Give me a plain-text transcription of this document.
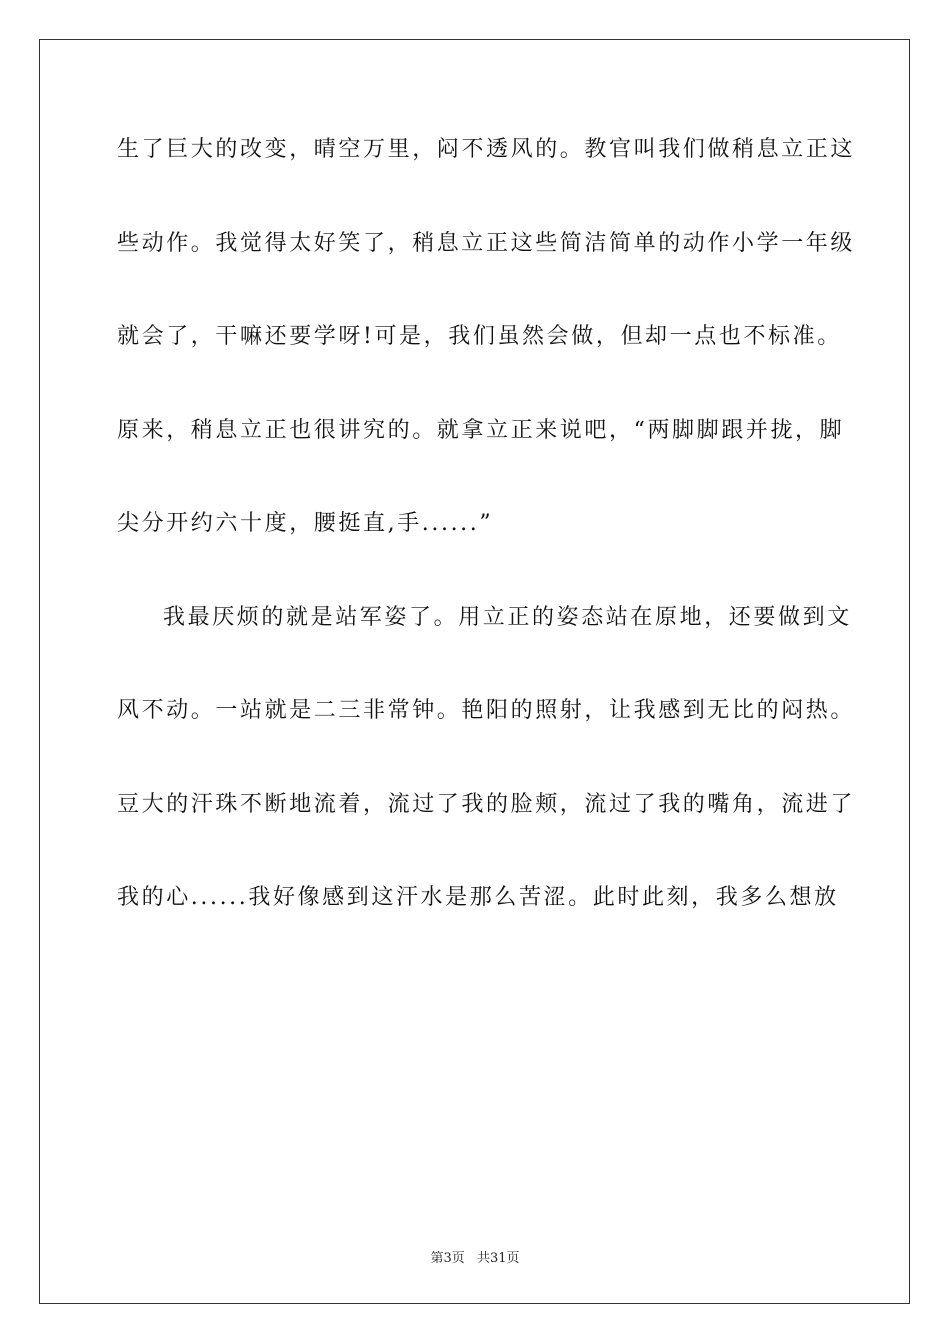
生了巨大的改变，晴空万里，闷不透风的。教官叫我们做稍息立正这
些动作。我觉得太好笑了，稍息立正这些简洁简单的动作小学一年级
就会了，干嘛还要学呀!可是，我们虽然会做，但却一点也不标准。
原来，稍息立正也很讲究的。就拿立正来说吧，“两脚脚跟并拢，脚
尖分开约六十度，腰挺直,手......”
我最厌烦的就是站军姿了。用立正的姿态站在原地，还要做到文
风不动。一站就是二三非常钟。艳阳的照射，让我感到无比的闷热。
豆大的汗珠不断地流着，流过了我的脸颊，流过了我的嘴角，流进了
我的心......我好像感到这汗水是那么苦涩。此时此刻，我多么想放
第3页 共31页
